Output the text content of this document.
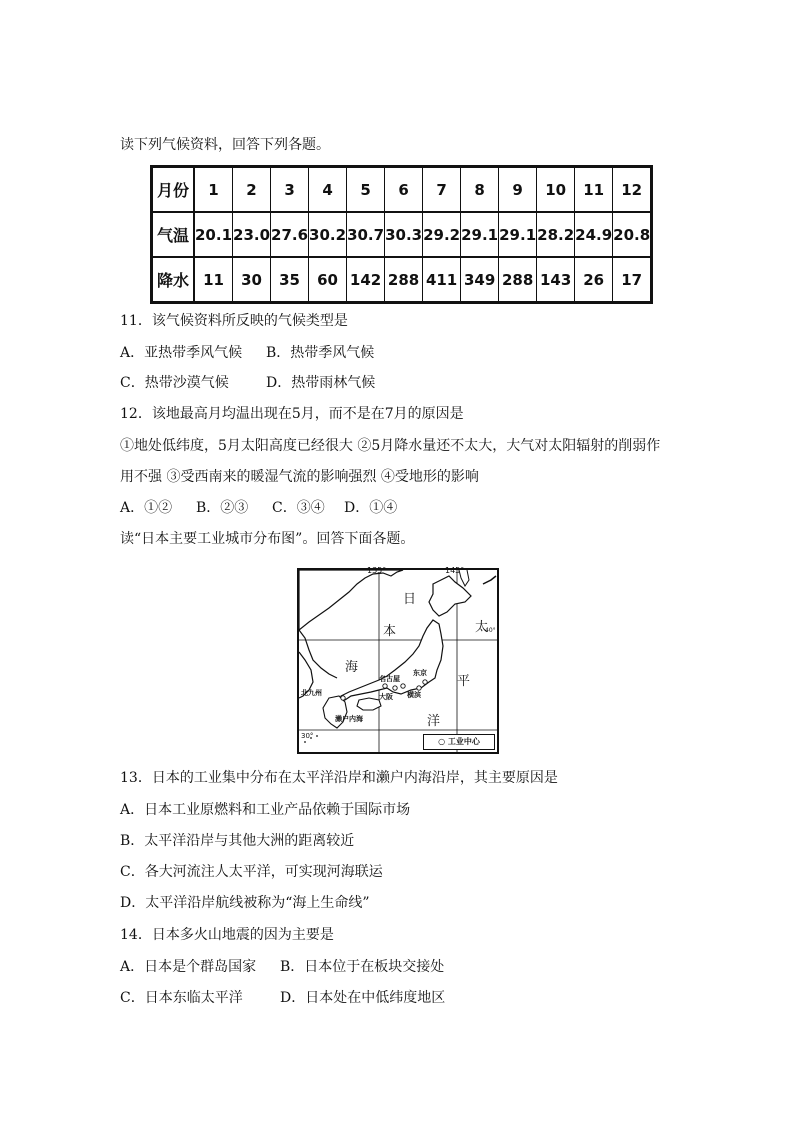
读下列气候资料，回答下列各题。
月份	1	2	3	4	5	6	7	8	9	10	11	12
气温	20.1	23.0	27.6	30.2	30.7	30.3	29.2	29.1	29.1	28.2	24.9	20.8
降水	11	30	35	60	142	288	411	349	288	143	26	17
11．该气候资料所反映的气候类型是
A．亚热带季风气候 B．热带季风气候
C．热带沙漠气候	D．热带雨林气候
12．该地最高月均温出现在5月，而不是在7月的原因是
①地处低纬度，5月太阳高度已经很大 ②5月降水量还不太大，大气对太阳辐射的削弱作
用不强 ③受西南来的暖湿气流的影响强烈 ④受地形的影响
A．①② B．②③ C．③④ D．①④
读“日本主要工业城市分布图”。回答下面各题。
135°	145°
40°
30°
日
本
海
太
平
洋
北九州
濑户内海
名古屋
大阪
东京
横滨
○ 工业中心
13．日本的工业集中分布在太平洋沿岸和濑户内海沿岸，其主要原因是
A．日本工业原燃料和工业产品依赖于国际市场
B．太平洋沿岸与其他大洲的距离较近
C．各大河流注人太平洋，可实现河海联运
D．太平洋沿岸航线被称为“海上生命线”
14．日本多火山地震的因为主要是
A．日本是个群岛国家 B．日本位于在板块交接处
C．日本东临太平洋	D．日本处在中低纬度地区
